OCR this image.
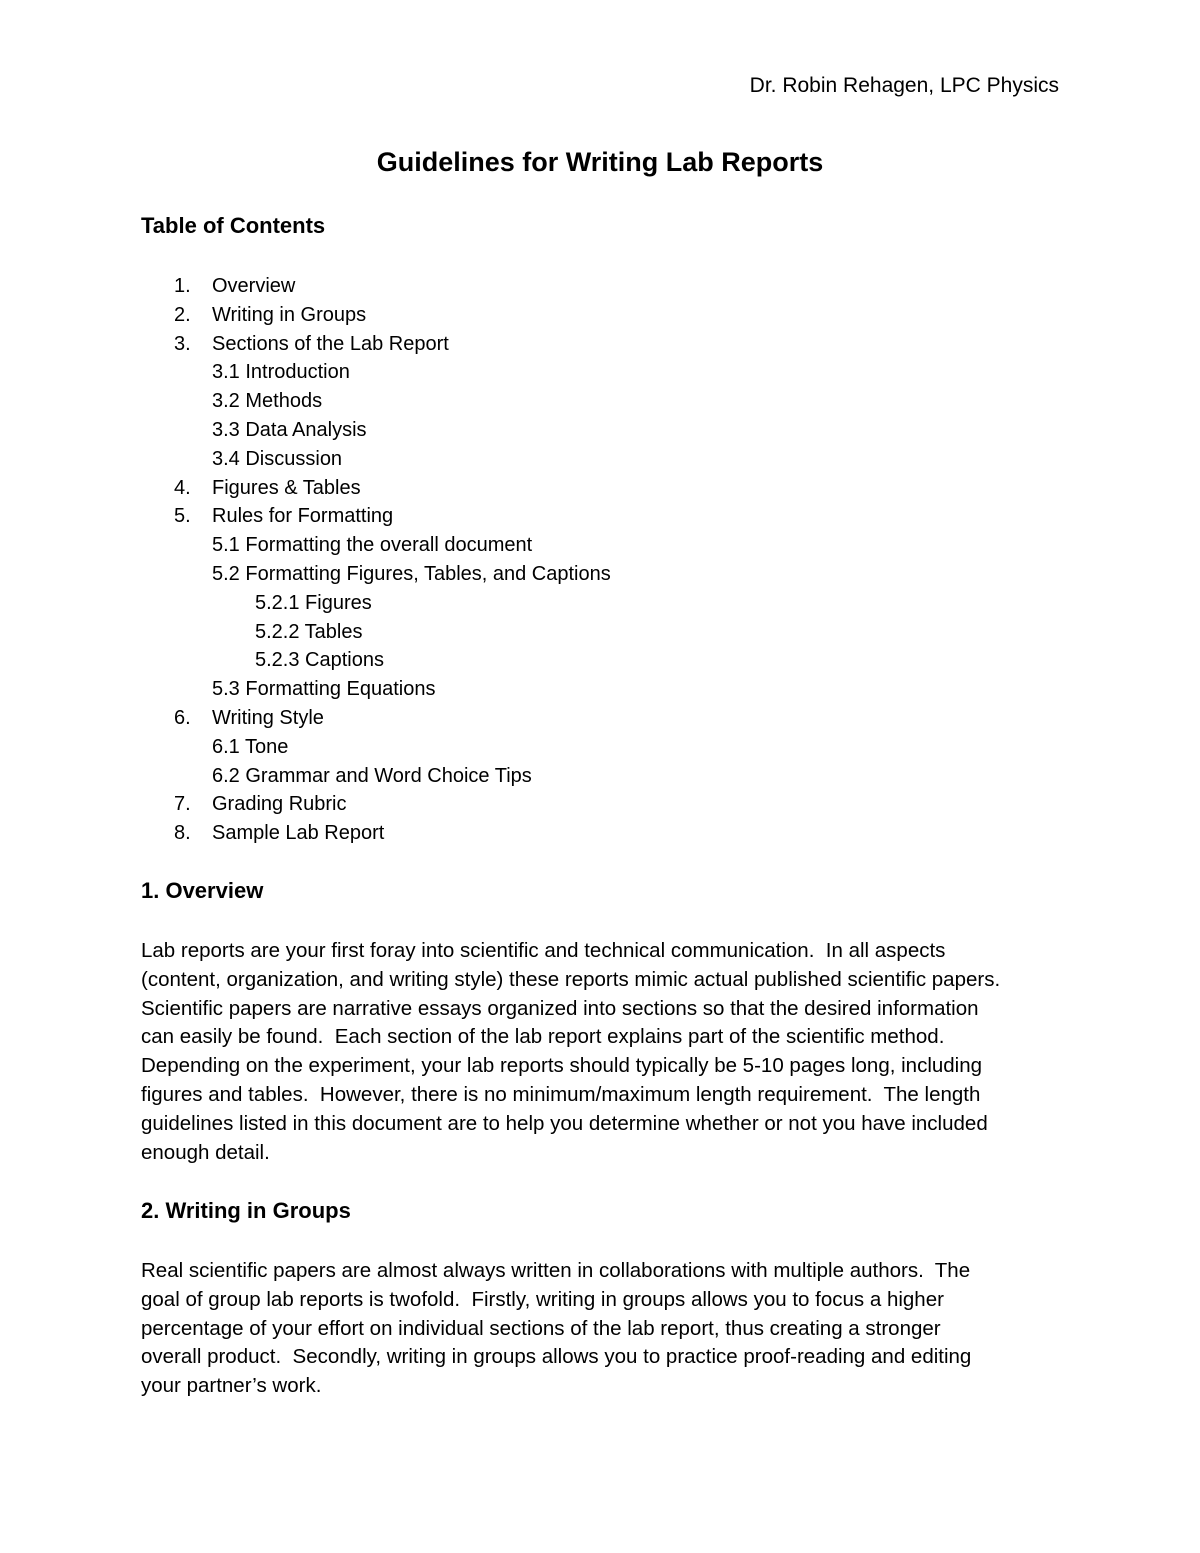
Dr. Robin Rehagen, LPC Physics
Guidelines for Writing Lab Reports
Table of Contents
1. Overview
2. Writing in Groups
3. Sections of the Lab Report
3.1 Introduction
3.2 Methods
3.3 Data Analysis
3.4 Discussion
4. Figures & Tables
5. Rules for Formatting
5.1 Formatting the overall document
5.2 Formatting Figures, Tables, and Captions
5.2.1 Figures
5.2.2 Tables
5.2.3 Captions
5.3 Formatting Equations
6. Writing Style
6.1 Tone
6.2 Grammar and Word Choice Tips
7. Grading Rubric
8. Sample Lab Report
1. Overview
Lab reports are your first foray into scientific and technical communication.  In all aspects
(content, organization, and writing style) these reports mimic actual published scientific papers.
Scientific papers are narrative essays organized into sections so that the desired information
can easily be found.  Each section of the lab report explains part of the scientific method.
Depending on the experiment, your lab reports should typically be 5-10 pages long, including
figures and tables.  However, there is no minimum/maximum length requirement.  The length
guidelines listed in this document are to help you determine whether or not you have included
enough detail.
2. Writing in Groups
Real scientific papers are almost always written in collaborations with multiple authors.  The
goal of group lab reports is twofold.  Firstly, writing in groups allows you to focus a higher
percentage of your effort on individual sections of the lab report, thus creating a stronger
overall product.  Secondly, writing in groups allows you to practice proof-reading and editing
your partner’s work.
